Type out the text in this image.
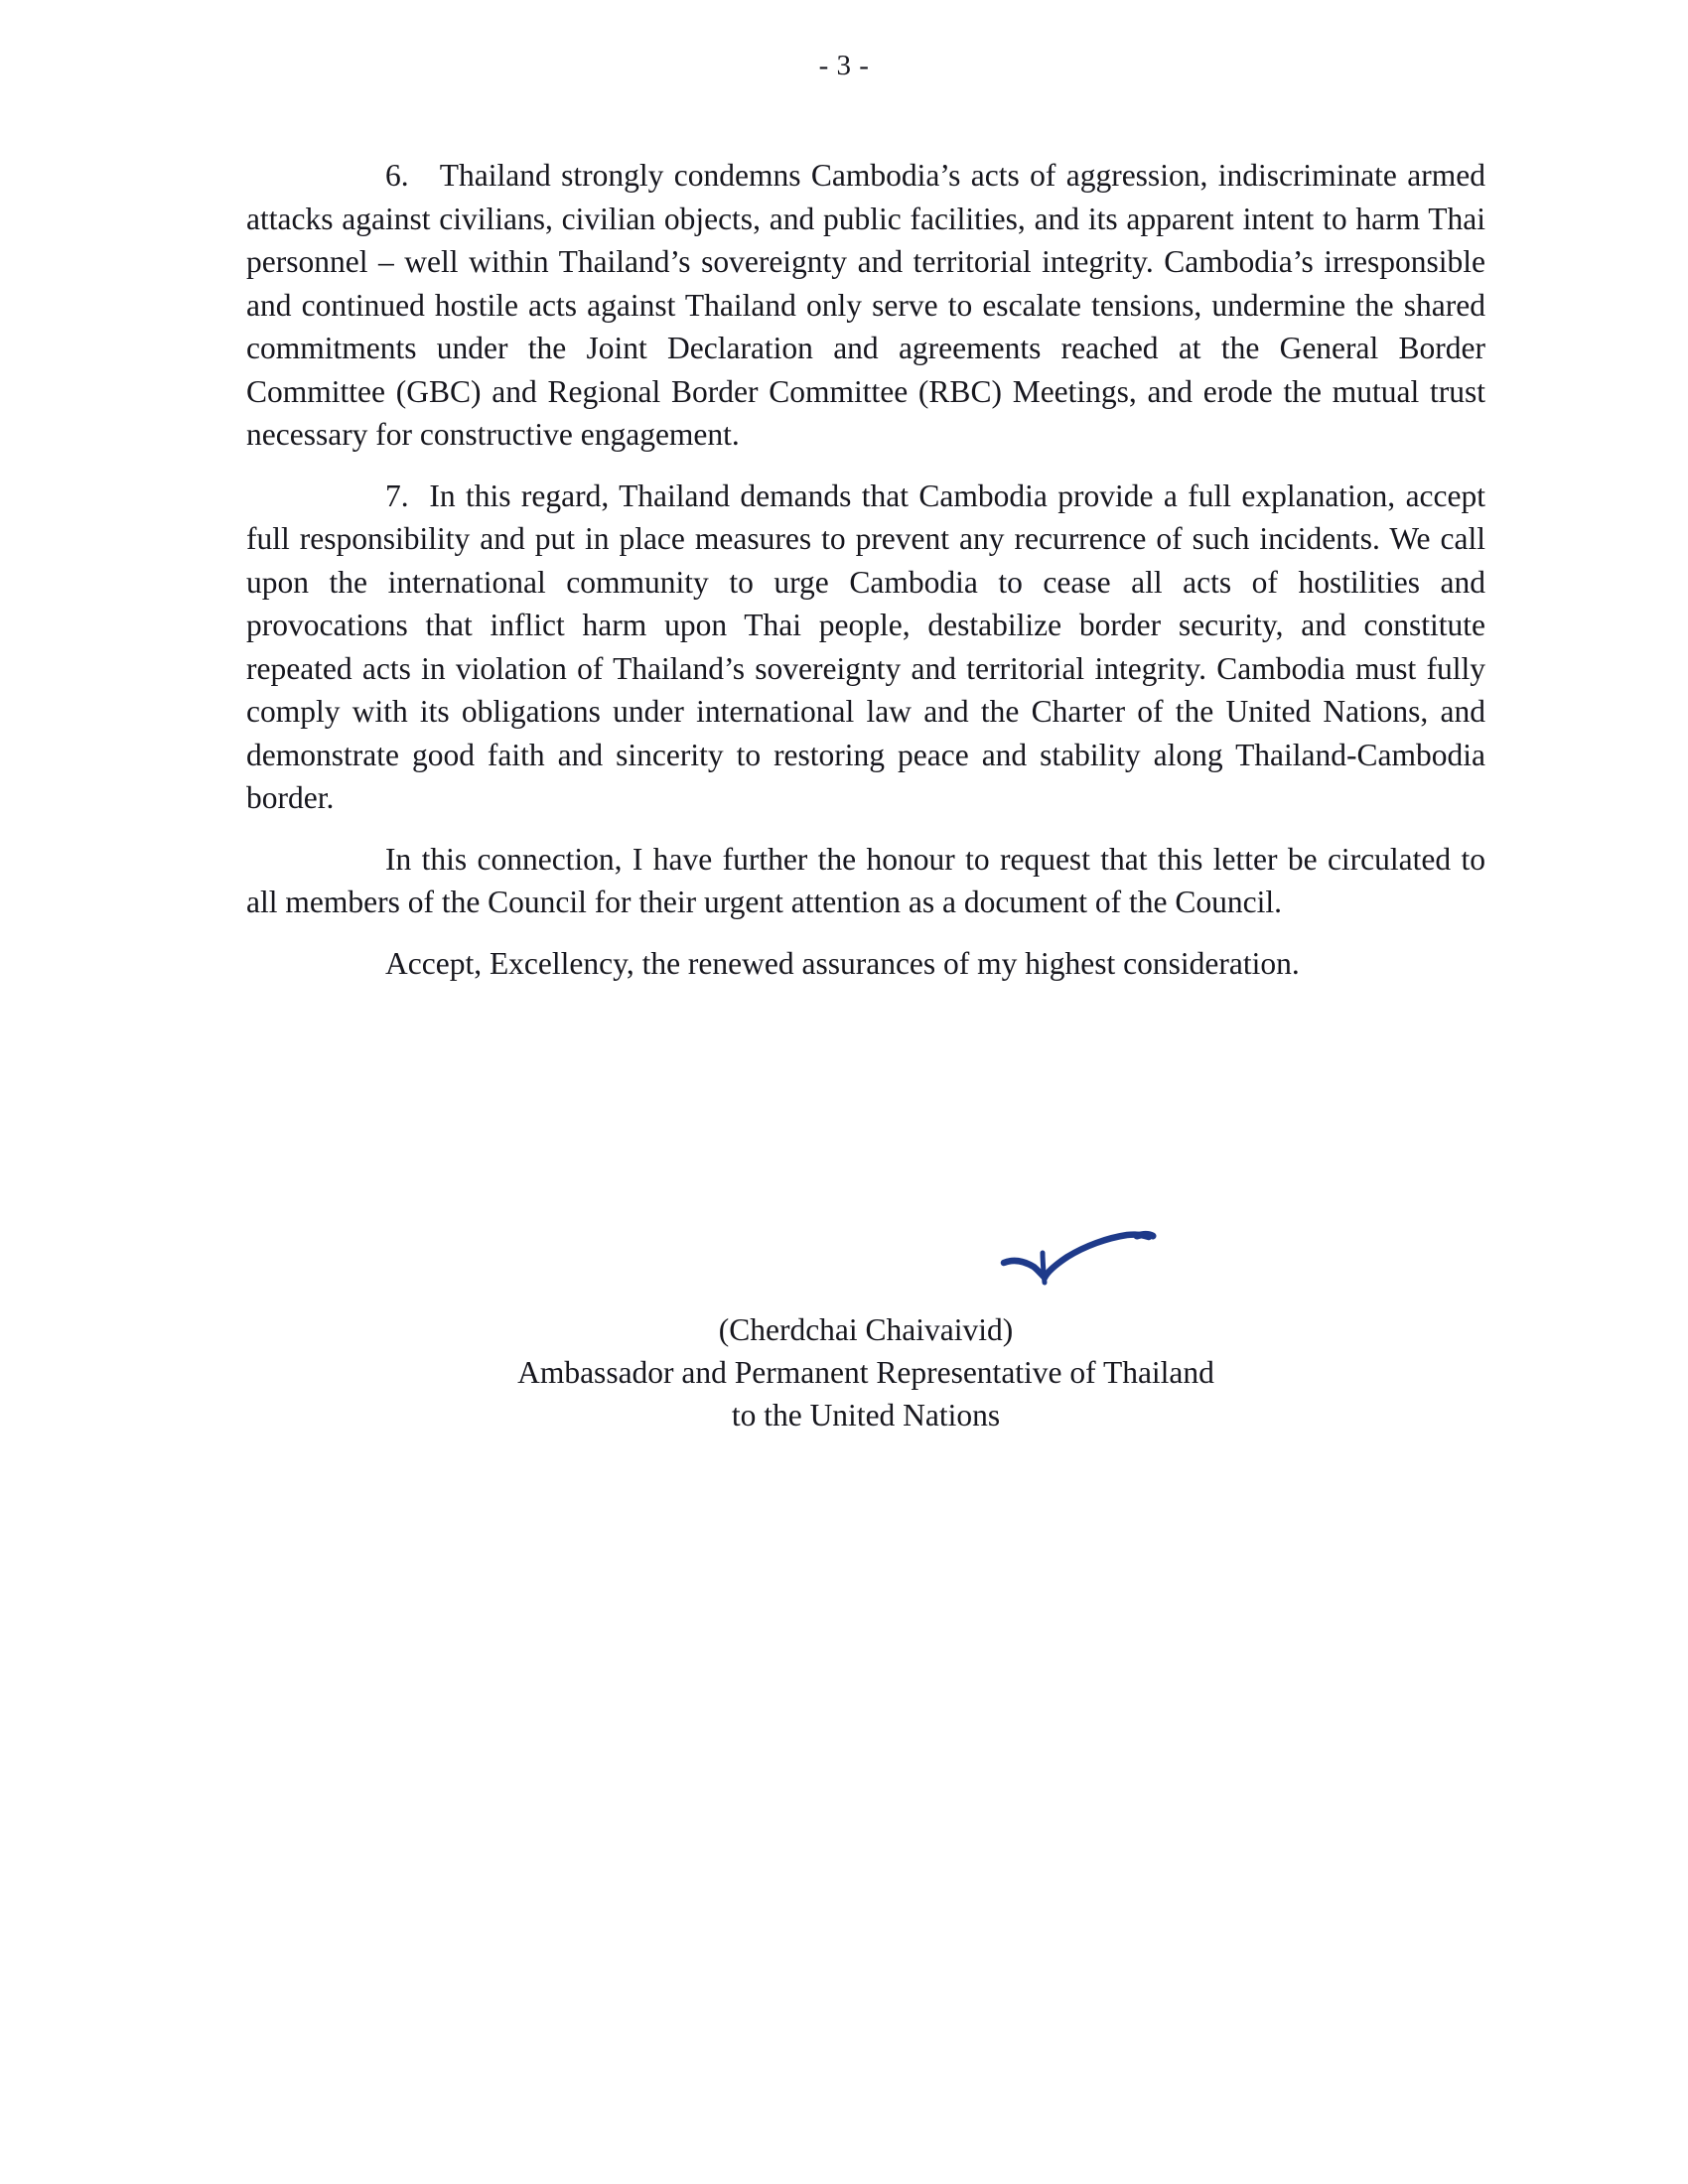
- 3 -

6. Thailand strongly condemns Cambodia’s acts of aggression, indiscriminate armed attacks against civilians, civilian objects, and public facilities, and its apparent intent to harm Thai personnel – well within Thailand’s sovereignty and territorial integrity. Cambodia’s irresponsible and continued hostile acts against Thailand only serve to escalate tensions, undermine the shared commitments under the Joint Declaration and agreements reached at the General Border Committee (GBC) and Regional Border Committee (RBC) Meetings, and erode the mutual trust necessary for constructive engagement.

7. In this regard, Thailand demands that Cambodia provide a full explanation, accept full responsibility and put in place measures to prevent any recurrence of such incidents. We call upon the international community to urge Cambodia to cease all acts of hostilities and provocations that inflict harm upon Thai people, destabilize border security, and constitute repeated acts in violation of Thailand’s sovereignty and territorial integrity. Cambodia must fully comply with its obligations under international law and the Charter of the United Nations, and demonstrate good faith and sincerity to restoring peace and stability along Thailand-Cambodia border.

In this connection, I have further the honour to request that this letter be circulated to all members of the Council for their urgent attention as a document of the Council.

Accept, Excellency, the renewed assurances of my highest consideration.

(Cherdchai Chaivaivid)
Ambassador and Permanent Representative of Thailand
to the United Nations
